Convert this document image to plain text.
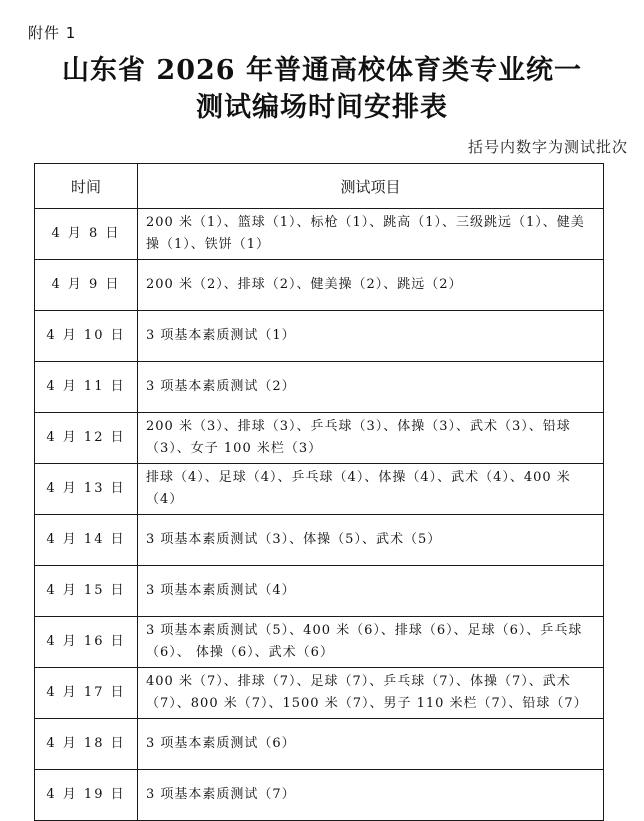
附件 1
山东省 2026 年普通高校体育类专业统一
测试编场时间安排表
括号内数字为测试批次
时间	测试项目
4 月 8 日	200 米（1）、篮球（1）、标枪（1）、跳高（1）、三级跳远（1）、健美操（1）、铁饼（1）
4 月 9 日	200 米（2）、排球（2）、健美操（2）、跳远（2）
4 月 10 日	3 项基本素质测试（1）
4 月 11 日	3 项基本素质测试（2）
4 月 12 日	200 米（3）、排球（3）、乒乓球（3）、体操（3）、武术（3）、铅球（3）、女子 100 米栏（3）
4 月 13 日	排球（4）、足球（4）、乒乓球（4）、体操（4）、武术（4）、400 米（4）
4 月 14 日	3 项基本素质测试（3）、体操（5）、武术（5）
4 月 15 日	3 项基本素质测试（4）
4 月 16 日	3 项基本素质测试（5）、400 米（6）、排球（6）、足球（6）、乒乓球（6）、 体操（6）、武术（6）
4 月 17 日	400 米（7）、排球（7）、足球（7）、乒乓球（7）、体操（7）、武术（7）、800 米（7）、1500 米（7）、男子 110 米栏（7）、铅球（7）
4 月 18 日	3 项基本素质测试（6）
4 月 19 日	3 项基本素质测试（7）
